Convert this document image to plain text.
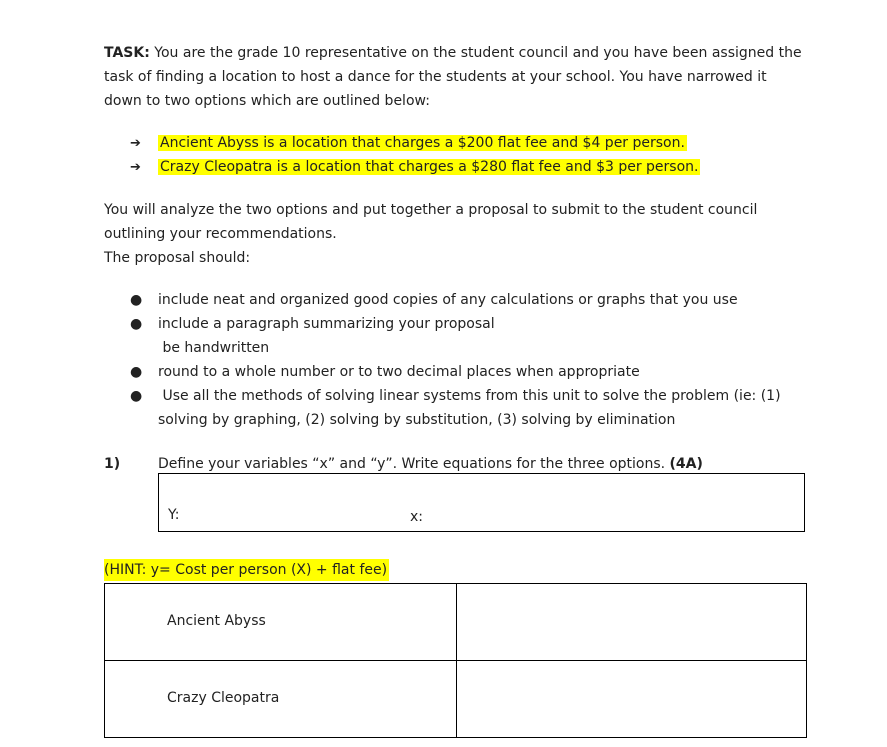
TASK: You are the grade 10 representative on the student council and you have been assigned the
task of finding a location to host a dance for the students at your school. You have narrowed it
down to two options which are outlined below:

➔ Ancient Abyss is a location that charges a $200 flat fee and $4 per person.
➔ Crazy Cleopatra is a location that charges a $280 flat fee and $3 per person.

You will analyze the two options and put together a proposal to submit to the student council
outlining your recommendations.
The proposal should:

●	include neat and organized good copies of any calculations or graphs that you use
●	include a paragraph summarizing your proposal
be handwritten
●	round to a whole number or to two decimal places when appropriate
●	Use all the methods of solving linear systems from this unit to solve the problem (ie: (1)
solving by graphing, (2) solving by substitution, (3) solving by elimination
1)	Define your variables “x” and “y”. Write equations for the three options. (4A)
Y:	x:
(HINT: y= Cost per person (X) + flat fee)
Ancient Abyss	

Crazy Cleopatra	
